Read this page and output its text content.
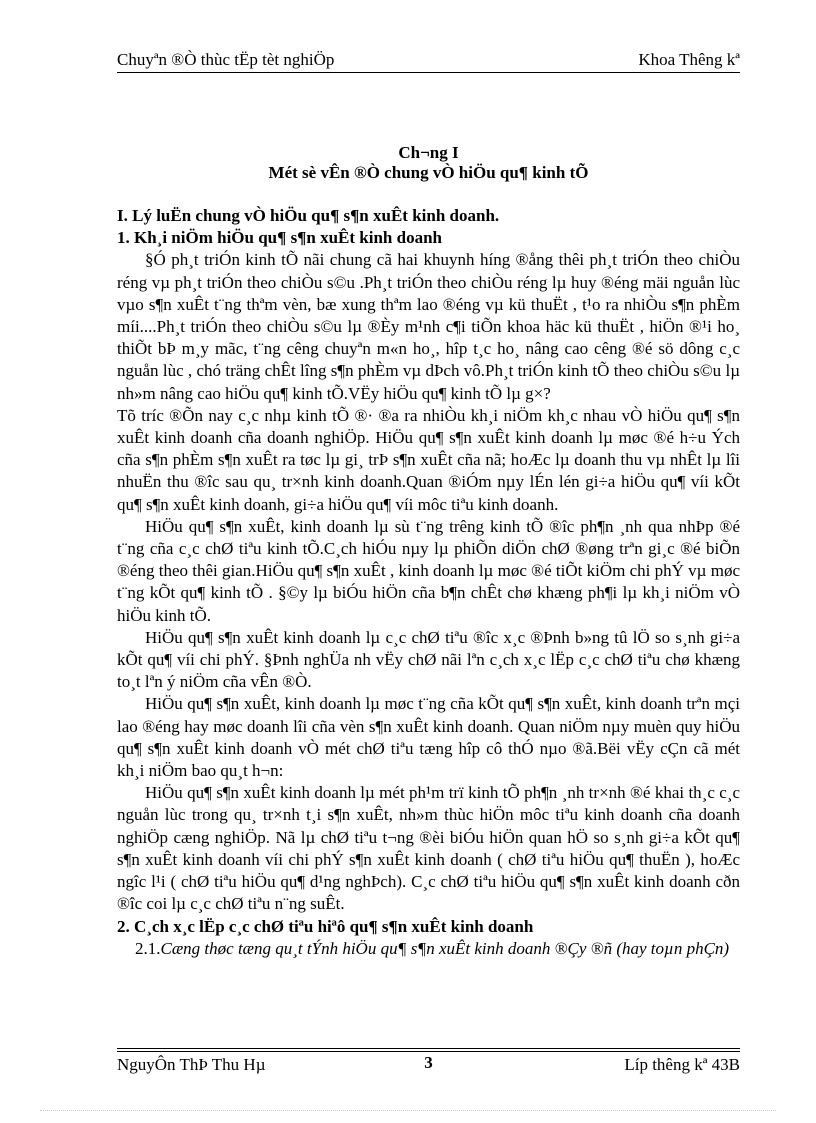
Chuyªn ®Ò thùc tËp tèt nghiÖp	Khoa Thêng kª
Ch¬ng I
Mét sè vÊn ®Ò chung vÒ hiÖu qu¶ kinh tÕ

I. Lý luËn chung vÒ hiÖu qu¶ s¶n xuÊt kinh doanh.

1. Kh¸i niÖm hiÖu qu¶ s¶n xuÊt kinh doanh

§Ó ph¸t triÓn kinh tÕ nãi chung cã hai khuynh híng ®ång thêi ph¸t triÓn theo chiÒu réng vµ ph¸t triÓn theo chiÒu s©u .Ph¸t triÓn theo chiÒu réng lµ huy ®éng mäi nguån lùc vµo s¶n xuÊt t¨ng thªm vèn, bæ xung thªm lao ®éng vµ kü thuËt , t¹o ra nhiÒu s¶n phÈm míi....Ph¸t triÓn theo chiÒu s©u lµ ®Èy m¹nh c¶i tiÕn khoa häc kü thuËt , hiÖn ®¹i ho¸ thiÕt bÞ m¸y mãc, t¨ng cêng chuyªn m«n ho¸, hîp t¸c ho¸ nâng cao cêng ®é sö dông c¸c nguån lùc , chó träng chÊt lîng s¶n phÈm vµ dÞch vô.Ph¸t triÓn kinh tÕ theo chiÒu s©u lµ nh»m nâng cao hiÖu qu¶ kinh tÕ.VËy hiÖu qu¶ kinh tÕ lµ g×?

Tõ tríc ®Õn nay c¸c nhµ kinh tÕ ®· ®a ra nhiÒu kh¸i niÖm kh¸c nhau vÒ hiÖu qu¶ s¶n xuÊt kinh doanh cña doanh nghiÖp. HiÖu qu¶ s¶n xuÊt kinh doanh lµ møc ®é h÷u Ých cña s¶n phÈm s¶n xuÊt ra tøc lµ gi¸ trÞ s¶n xuÊt cña nã; hoÆc lµ doanh thu vµ nhÊt lµ lîi nhuËn thu ®îc sau qu¸ tr×nh kinh doanh.Quan ®iÓm nµy lÉn lén gi÷a hiÖu qu¶ víi kÕt qu¶ s¶n xuÊt kinh doanh, gi÷a hiÖu qu¶ víi môc tiªu kinh doanh.

HiÖu qu¶ s¶n xuÊt, kinh doanh lµ sù t¨ng trêng kinh tÕ ®îc ph¶n ¸nh qua nhÞp ®é t¨ng cña c¸c chØ tiªu kinh tÕ.C¸ch hiÓu nµy lµ phiÕn diÖn chØ ®øng trªn gi¸c ®é biÕn ®éng theo thêi gian.HiÖu qu¶ s¶n xuÊt , kinh doanh lµ møc ®é tiÕt kiÖm chi phÝ vµ møc t¨ng kÕt qu¶ kinh tÕ . §©y lµ biÓu hiÖn cña b¶n chÊt chø khæng ph¶i lµ kh¸i niÖm vÒ hiÖu kinh tÕ.

HiÖu qu¶ s¶n xuÊt kinh doanh lµ c¸c chØ tiªu ®îc x¸c ®Þnh b»ng tû lÖ so s¸nh gi÷a kÕt qu¶ víi chi phÝ. §Þnh nghÜa nh vËy chØ nãi lªn c¸ch x¸c lËp c¸c chØ tiªu chø khæng to¸t lªn ý niÖm cña vÊn ®Ò.

HiÖu qu¶ s¶n xuÊt, kinh doanh lµ møc t¨ng cña kÕt qu¶ s¶n xuÊt, kinh doanh trªn mçi lao ®éng hay møc doanh lîi cña vèn s¶n xuÊt kinh doanh. Quan niÖm nµy muèn quy hiÖu qu¶ s¶n xuÊt kinh doanh vÒ mét chØ tiªu tæng hîp cô thÓ nµo ®ã.Bëi vËy cÇn cã mét kh¸i niÖm bao qu¸t h¬n:

HiÖu qu¶ s¶n xuÊt kinh doanh lµ mét ph¹m trï kinh tÕ ph¶n ¸nh tr×nh ®é khai th¸c c¸c nguån lùc trong qu¸ tr×nh t¸i s¶n xuÊt, nh»m thùc hiÖn môc tiªu kinh doanh cña doanh nghiÖp cæng nghiÖp. Nã lµ chØ tiªu t¬ng ®èi biÓu hiÖn quan hÖ so s¸nh gi÷a kÕt qu¶ s¶n xuÊt kinh doanh víi chi phÝ s¶n xuÊt kinh doanh ( chØ tiªu hiÖu qu¶ thuËn ), hoÆc ngîc l¹i ( chØ tiªu hiÖu qu¶ d¹ng nghÞch). C¸c chØ tiªu hiÖu qu¶ s¶n xuÊt kinh doanh cðn ®îc coi lµ c¸c chØ tiªu n¨ng suÊt.

2. C¸ch x¸c lËp c¸c chØ tiªu hiªô qu¶ s¶n xuÊt kinh doanh

2.1.Cæng thøc tæng qu¸t tÝnh hiÖu qu¶ s¶n xuÊt kinh doanh ®Çy ®ñ (hay toµn phÇn)

NguyÔn ThÞ Thu Hµ	3	Líp thêng kª 43B
